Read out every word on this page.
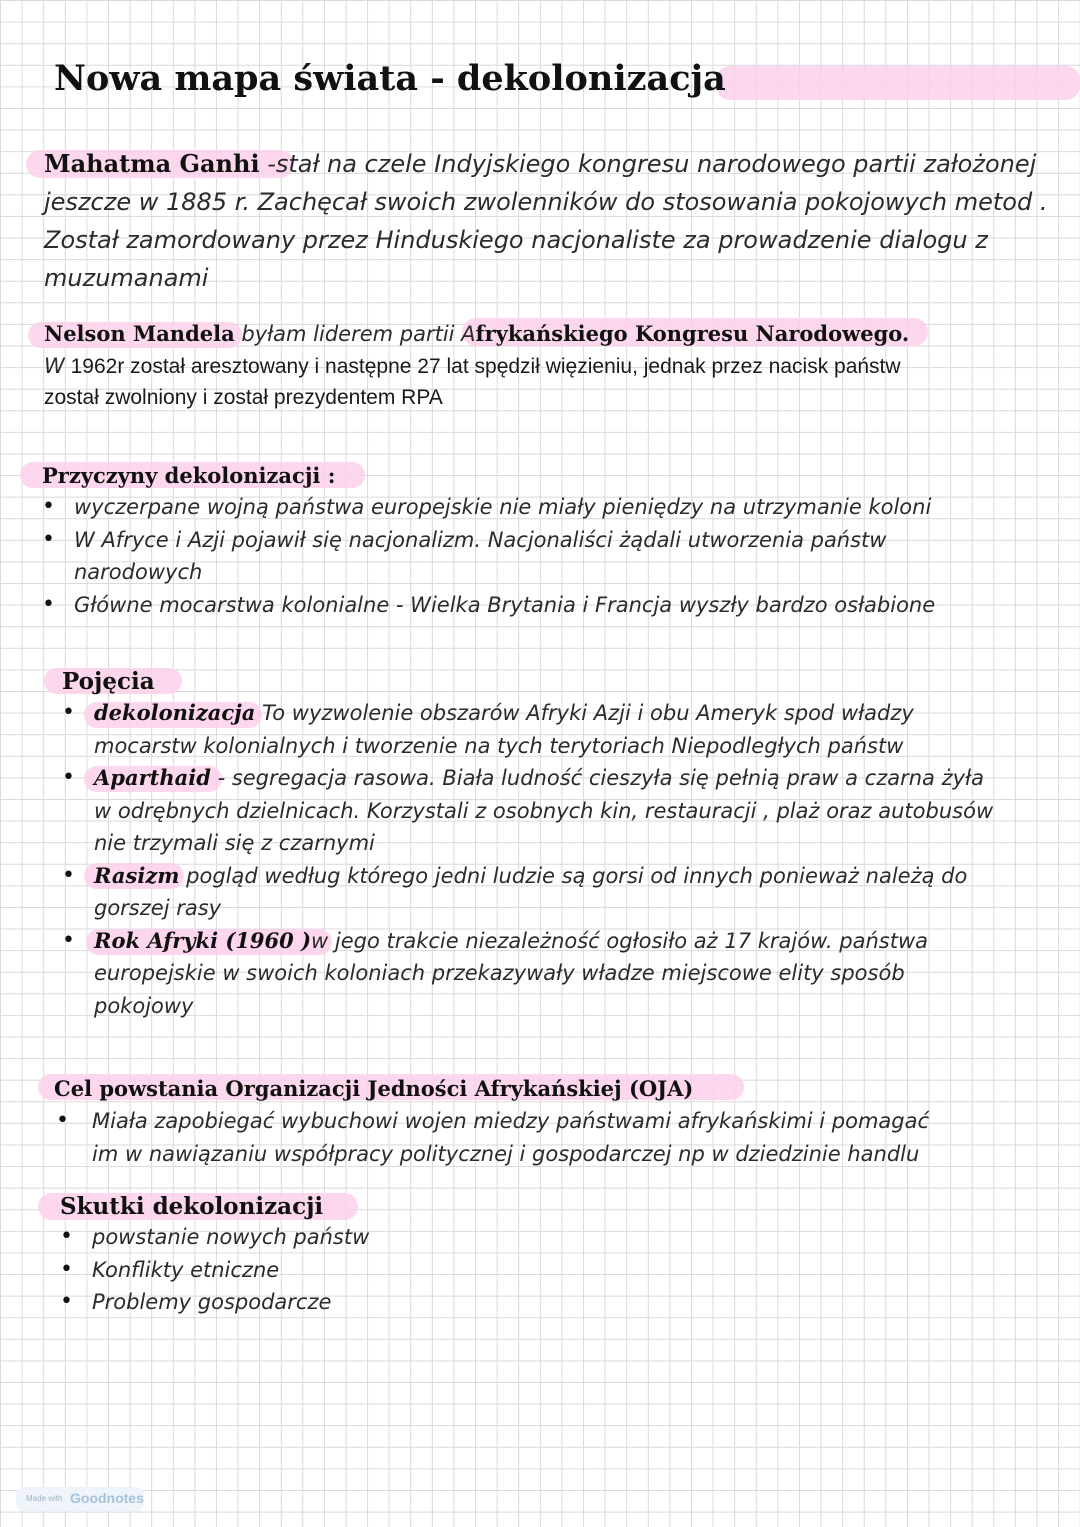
Nowa mapa świata - dekolonizacja
Mahatma Ganhi -stał na czele Indyjskiego kongresu narodowego partii założonej jeszcze w 1885 r. Zachęcał swoich zwolenników do stosowania pokojowych metod . Został zamordowany przez Hinduskiego nacjonaliste za prowadzenie dialogu z muzumanami
Nelson Mandela byłam liderem partii Afrykańskiego Kongresu Narodowego.
W 1962r został aresztowany i następne 27 lat spędził więzieniu, jednak przez nacisk państw został zwolniony i został prezydentem RPA
Przyczyny dekolonizacji :
• wyczerpane wojną państwa europejskie nie miały pieniędzy na utrzymanie koloni
• W Afryce i Azji pojawił się nacjonalizm. Nacjonaliści żądali utworzenia państw narodowych
• Główne mocarstwa kolonialne - Wielka Brytania i Francja wyszły bardzo osłabione
Pojęcia
• dekolonizacja To wyzwolenie obszarów Afryki Azji i obu Ameryk spod władzy mocarstw kolonialnych i tworzenie na tych terytoriach Niepodległych państw
• Aparthaid - segregacja rasowa. Biała ludność cieszyła się pełnią praw a czarna żyła w odrębnych dzielnicach. Korzystali z osobnych kin, restauracji , plaż oraz autobusów nie trzymali się z czarnymi
• Rasizm pogląd według którego jedni ludzie są gorsi od innych ponieważ należą do gorszej rasy
• Rok Afryki (1960 )w jego trakcie niezależność ogłosiło aż 17 krajów. państwa europejskie w swoich koloniach przekazywały władze miejscowe elity sposób pokojowy
Cel powstania Organizacji Jedności Afrykańskiej (OJA)
• Miała zapobiegać wybuchowi wojen miedzy państwami afrykańskimi i pomagać im w nawiązaniu współpracy politycznej i gospodarczej np w dziedzinie handlu
Skutki dekolonizacji
• powstanie nowych państw
• Konflikty etniczne
• Problemy gospodarcze
Made with Goodnotes
